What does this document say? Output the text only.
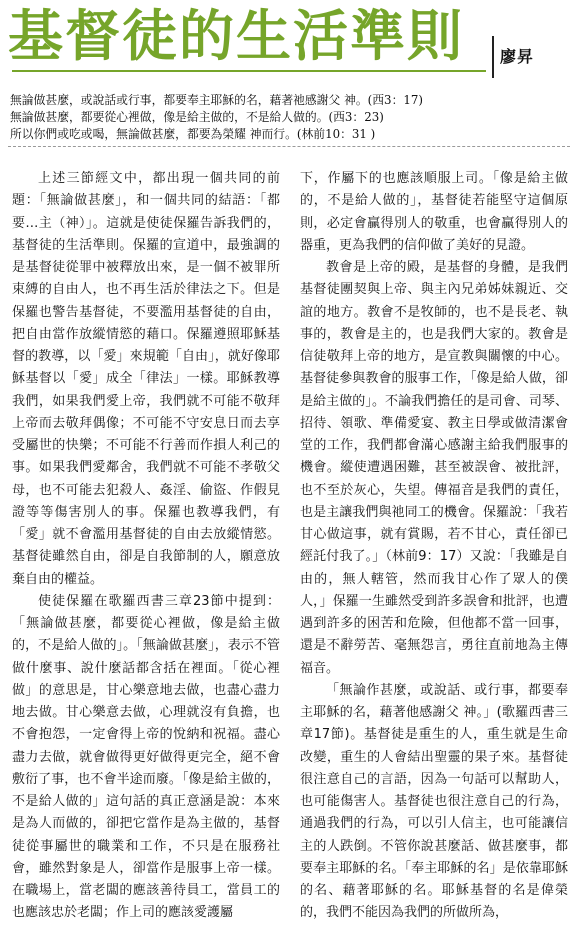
基督徒的生活準則	廖昇
無論做甚麼，或說話或行事，都要奉主耶穌的名，藉著祂感謝父 神。(西3：17)
無論做甚麼，都要從心裡做，像是給主做的，不是給人做的。(西3：23)
所以你們或吃或喝，無論做甚麼，都要為榮耀 神而行。(林前10：31 )

上述三節經文中，都出現一個共同的前題：「無論做甚麼」，和一個共同的結語：「都要…主（神）」。這就是使徒保羅告訴我們的，基督徒的生活準則。保羅的宣道中，最強調的是基督徒從罪中被釋放出來，是一個不被罪所束縛的自由人，也不再生活於律法之下。但是保羅也警告基督徒，不要濫用基督徒的自由，把自由當作放縱情慾的藉口。保羅遵照耶穌基督的教導，以「愛」來規範「自由」，就好像耶穌基督以「愛」成全「律法」一樣。耶穌教導我們，如果我們愛上帝，我們就不可能不敬拜上帝而去敬拜偶像；不可能不守安息日而去享受屬世的快樂；不可能不行善而作損人利己的事。如果我們愛鄰舍，我們就不可能不孝敬父母，也不可能去犯殺人、姦淫、偷盜、作假見證等等傷害別人的事。保羅也教導我們，有「愛」就不會濫用基督徒的自由去放縱情慾。基督徒雖然自由，卻是自我節制的人，願意放棄自由的權益。

使徒保羅在歌羅西書三章23節中提到：「無論做甚麼，都要從心裡做，像是給主做的，不是給人做的」。「無論做甚麼」，表示不管做什麼事、說什麼話都含括在裡面。「從心裡做」的意思是，甘心樂意地去做，也盡心盡力地去做。甘心樂意去做，心理就沒有負擔，也不會抱怨，一定會得上帝的悅納和祝福。盡心盡力去做，就會做得更好做得更完全，絕不會敷衍了事，也不會半途而廢。「像是給主做的，不是給人做的」這句話的真正意涵是說：本來是為人而做的，卻把它當作是為主做的，基督徒從事屬世的職業和工作，不只是在服務社會，雖然對象是人，卻當作是服事上帝一樣。在職場上，當老闆的應該善待員工，當員工的也應該忠於老闆；作上司的應該愛護屬

下，作屬下的也應該順服上司。「像是給主做的，不是給人做的」，基督徒若能堅守這個原則，必定會贏得別人的敬重，也會贏得別人的器重，更為我們的信仰做了美好的見證。

教會是上帝的殿，是基督的身體，是我們基督徒團契與上帝、與主內兄弟姊妹親近、交誼的地方。教會不是牧師的，也不是長老、執事的，教會是主的，也是我們大家的。教會是信徒敬拜上帝的地方，是宣教與關懷的中心。基督徒參與教會的服事工作，「像是給人做，卻是給主做的」。不論我們擔任的是司會、司琴、招待、領歌、準備愛宴、教主日學或做清潔會堂的工作，我們都會滿心感謝主給我們服事的機會。縱使遭遇困難，甚至被誤會、被批評，也不至於灰心，失望。傳福音是我們的責任，也是主讓我們與祂同工的機會。保羅說：「我若甘心做這事，就有賞賜，若不甘心，責任卻已經託付我了。」（林前9：17）又說：「我雖是自由的，無人轄管，然而我甘心作了眾人的僕人，」保羅一生雖然受到許多誤會和批評，也遭遇到許多的困苦和危險，但他都不當一回事，還是不辭勞苦、毫無怨言，勇往直前地為主傳福音。

「無論作甚麼，或說話、或行事，都要奉主耶穌的名，藉著他感謝父 神。」(歌羅西書三章17節)。基督徒是重生的人，重生就是生命改變，重生的人會結出聖靈的果子來。基督徒很注意自己的言語，因為一句話可以幫助人，也可能傷害人。基督徒也很注意自己的行為，通過我們的行為，可以引人信主，也可能讓信主的人跌倒。不管你說甚麼話、做甚麼事，都要奉主耶穌的名。「奉主耶穌的名」是依靠耶穌的名、藉著耶穌的名。耶穌基督的名是偉榮的，我們不能因為我們的所做所為，
